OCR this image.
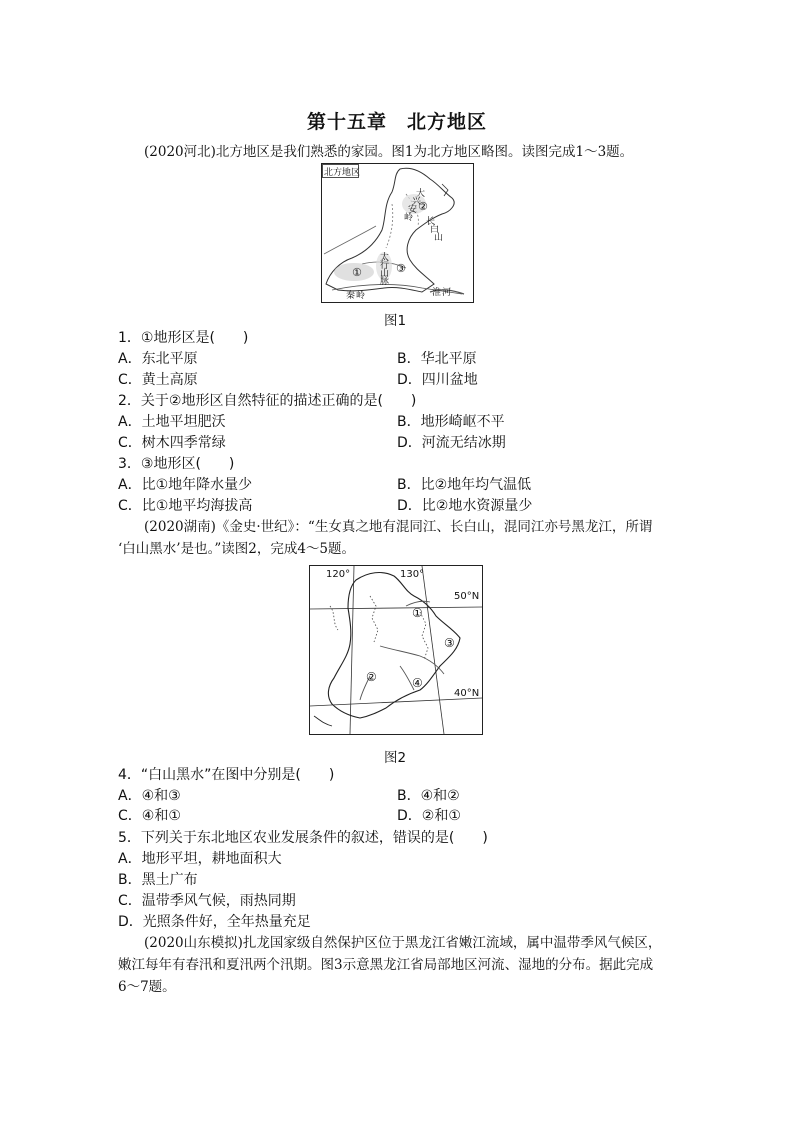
第十五章　北方地区
(2020河北)北方地区是我们熟悉的家园。图1为北方地区略图。读图完成1～3题。
北方地区
大
兴
安
岭 长
白
山
太
行
山
脉
秦 岭	淮 河
①
②
③
图1
1．①地形区是(　　)
A．东北平原	B．华北平原
C．黄土高原	D．四川盆地
2．关于②地形区自然特征的描述正确的是(　　)
A．土地平坦肥沃	B．地形崎岖不平
C．树木四季常绿	D．河流无结冰期
3．③地形区(　　)
A．比①地年降水量少	B．比②地年均气温低
C．比①地平均海拔高	D．比②地水资源量少
(2020湖南)《金史·世纪》：“生女真之地有混同江、长白山，混同江亦号黑龙江，所谓
‘白山黑水’是也。”读图2，完成4～5题。
120°	130°
50°N
40°N
①
②
③
④
图2
4．“白山黑水”在图中分别是(　　)
A．④和③	B．④和②
C．④和①	D．②和①
5．下列关于东北地区农业发展条件的叙述，错误的是(　　)
A．地形平坦，耕地面积大
B．黑土广布
C．温带季风气候，雨热同期
D．光照条件好，全年热量充足
(2020山东模拟)扎龙国家级自然保护区位于黑龙江省嫩江流域，属中温带季风气候区，
嫩江每年有春汛和夏汛两个汛期。图3示意黑龙江省局部地区河流、湿地的分布。据此完成
6～7题。
